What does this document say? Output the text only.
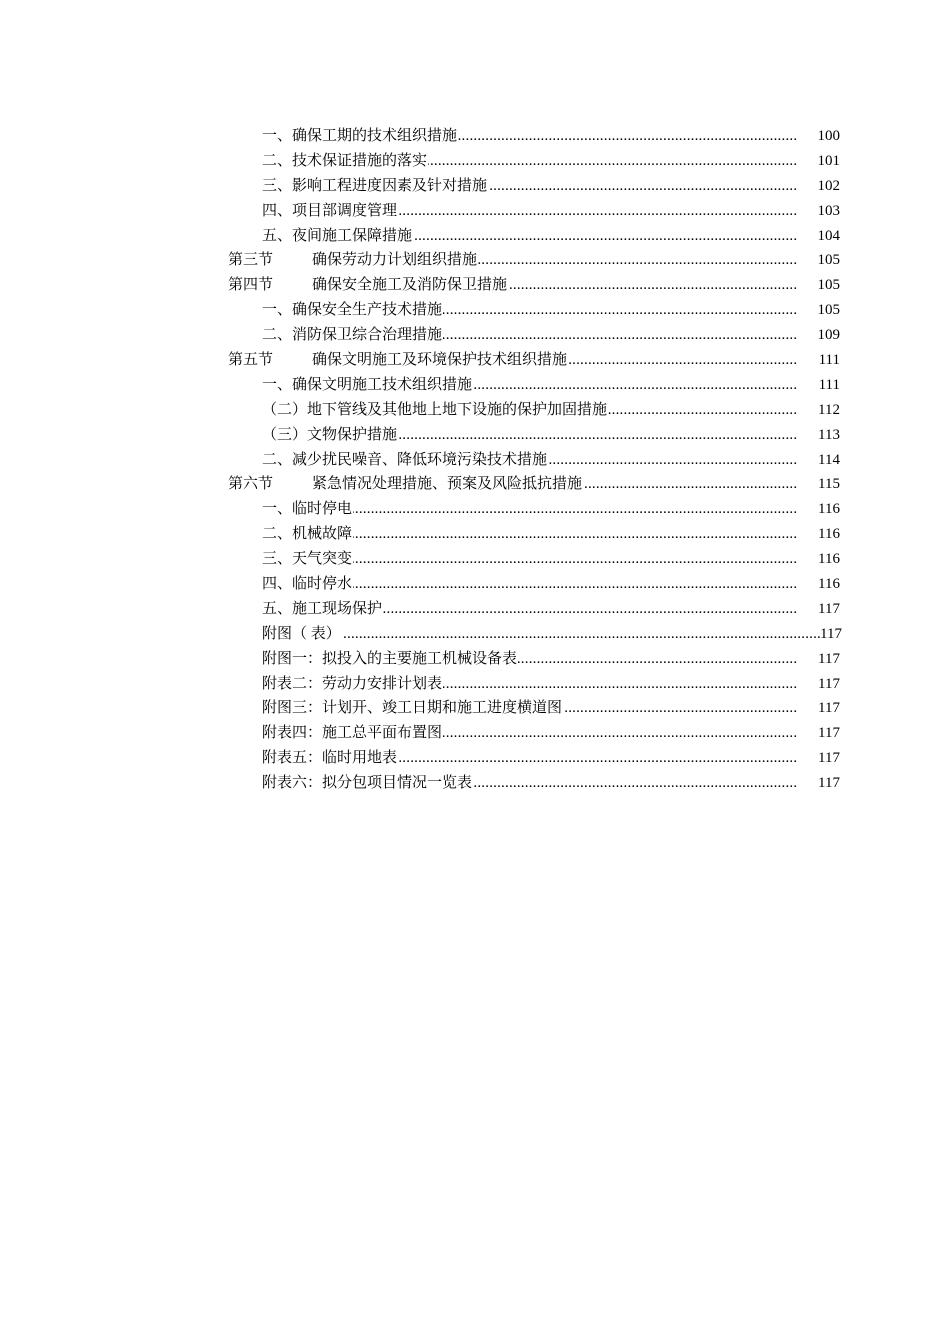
.....
一、确保工期的技术组织措施	100
.....
二、技术保证措施的落实	101
.....
三、影响工程进度因素及针对措施	102
.....
四、项目部调度管理	103
.....
五、夜间施工保障措施	104
.....
第三节	确保劳动力计划组织措施	105
.....
第四节	确保安全施工及消防保卫措施	105
.....
一、确保安全生产技术措施	105
.....
二、消防保卫综合治理措施	109
.....
第五节	确保文明施工及环境保护技术组织措施	111
.....
一、确保文明施工技术组织措施	111
.....
（二）地下管线及其他地上地下设施的保护加固措施	112
.....
（三）文物保护措施	113
.....
二、减少扰民噪音、降低环境污染技术措施	114
.....
第六节	紧急情况处理措施、预案及风险抵抗措施	115
.....
一、临时停电	116
.....
二、机械故障	116
.....
三、天气突变	116
.....
四、临时停水	116
.....
五、施工现场保护	117
.....
附图（ 表）	117
.....
附图一：拟投入的主要施工机械设备表	117
.....
附表二：劳动力安排计划表	117
.....
附图三：计划开、竣工日期和施工进度横道图	117
.....
附表四：施工总平面布置图	117
.....
附表五：临时用地表	117
.....
附表六：拟分包项目情况一览表	117
